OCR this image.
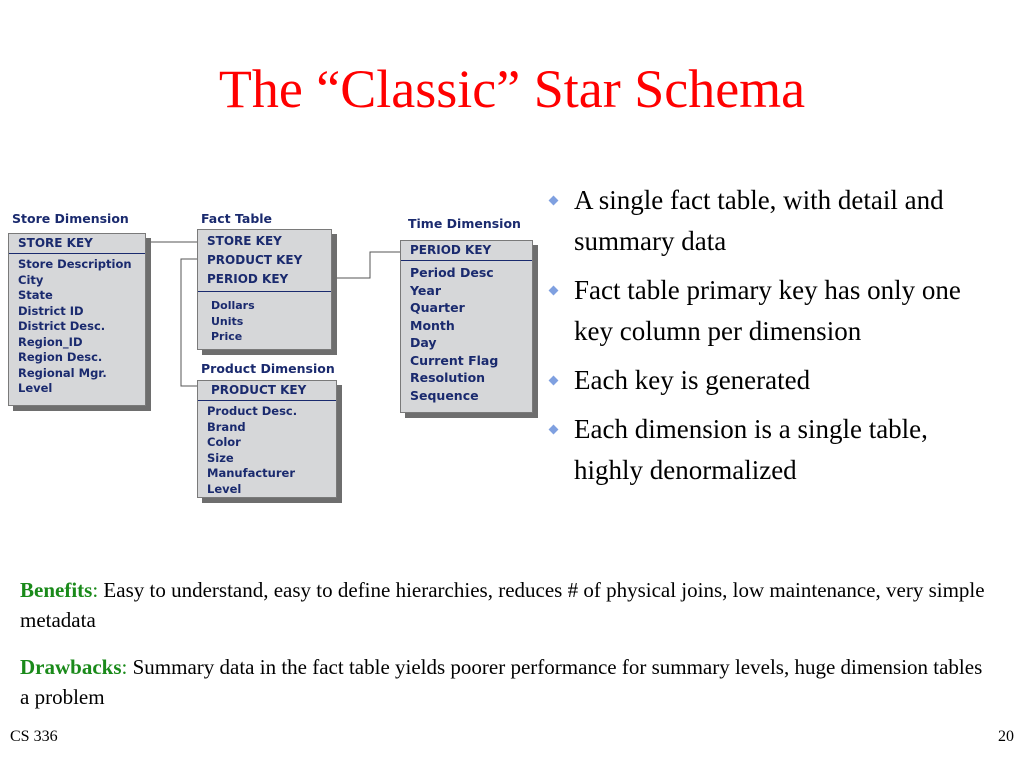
The “Classic” Star Schema
Store Dimension	Fact Table	Time Dimension
Product Dimension
STORE KEY
Store Description
City
State
District ID
District Desc.
Region_ID
Region Desc.
Regional Mgr.
Level
STORE KEY
PRODUCT KEY
PERIOD KEY
Dollars
Units
Price
PERIOD KEY
Period Desc
Year
Quarter
Month
Day
Current Flag
Resolution
Sequence
PRODUCT KEY
Product Desc.
Brand
Color
Size
Manufacturer
Level
A single fact table, with detail and summary data
Fact table primary key has only one key column per dimension
Each key is generated
Each dimension is a single table, highly denormalized
Benefits: Easy to understand, easy to define hierarchies, reduces # of physical joins, low maintenance, very simple metadata
Drawbacks: Summary data in the fact table yields poorer performance for summary levels, huge dimension tables a problem
CS 336	20
